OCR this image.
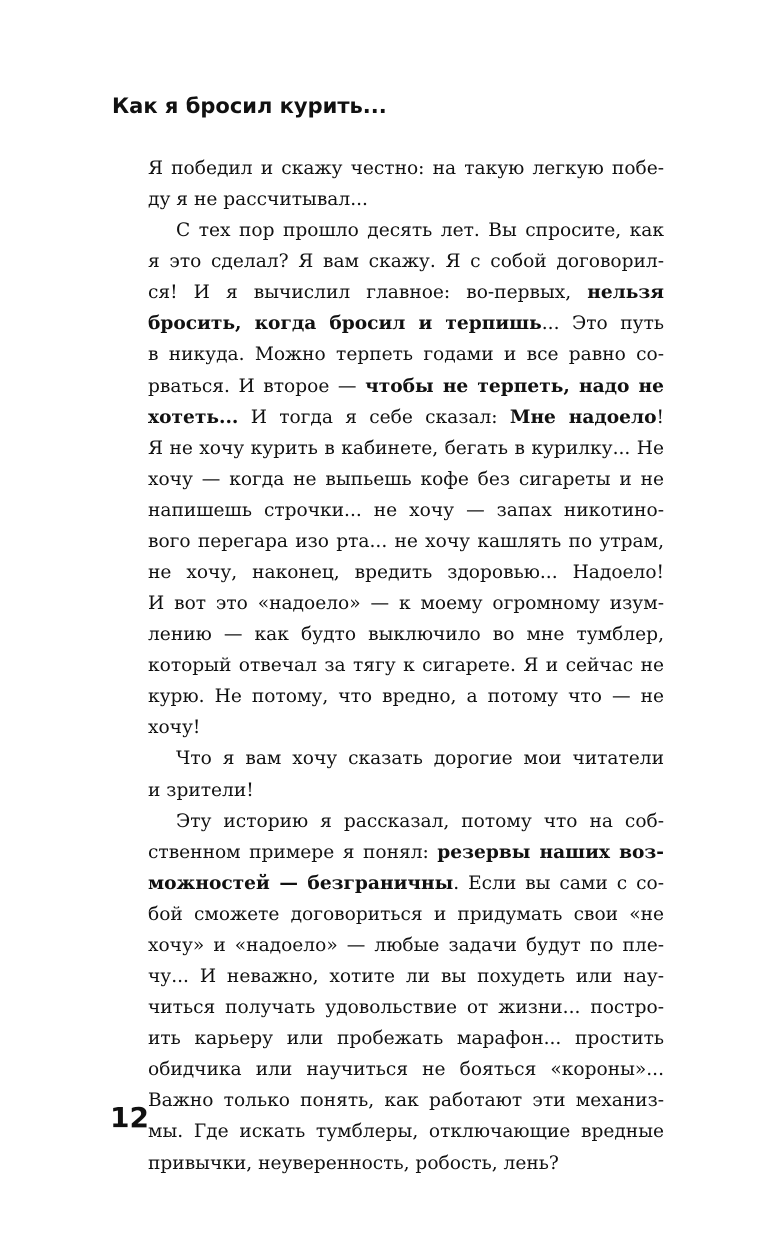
Как я бросил курить...
Я победил и скажу честно: на такую легкую побе-
ду я не рассчитывал...
С тех пор прошло десять лет. Вы спросите, как
я это сделал? Я вам скажу. Я с собой договорил-
ся! И я вычислил главное: во-первых, нельзя
бросить, когда бросил и терпишь... Это путь
в никуда. Можно терпеть годами и все равно со-
рваться. И второе — чтобы не терпеть, надо не
хотеть... И тогда я себе сказал: Мне надоело!
Я не хочу курить в кабинете, бегать в курилку... Не
хочу — когда не выпьешь кофе без сигареты и не
напишешь строчки... не хочу — запах никотино-
вого перегара изо рта... не хочу кашлять по утрам,
не хочу, наконец, вредить здоровью... Надоело!
И вот это «надоело» — к моему огромному изум-
лению — как будто выключило во мне тумблер,
который отвечал за тягу к сигарете. Я и сейчас не
курю. Не потому, что вредно, а потому что — не
хочу!
Что я вам хочу сказать дорогие мои читатели
и зрители!
Эту историю я рассказал, потому что на соб-
ственном примере я понял: резервы наших воз-
можностей — безграничны. Если вы сами с со-
бой сможете договориться и придумать свои «не
хочу» и «надоело» — любые задачи будут по пле-
чу... И неважно, хотите ли вы похудеть или нау-
читься получать удовольствие от жизни... постро-
ить карьеру или пробежать марафон... простить
обидчика или научиться не бояться «короны»...
Важно только понять, как работают эти механиз-
мы. Где искать тумблеры, отключающие вредные
привычки, неуверенность, робость, лень?

12
